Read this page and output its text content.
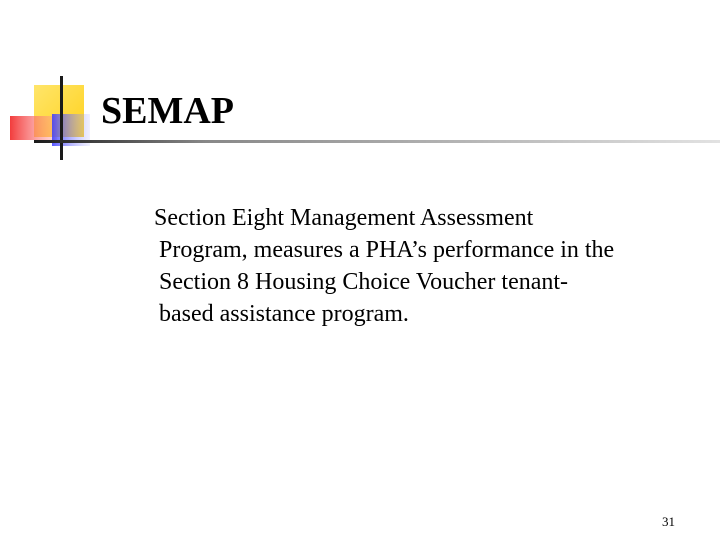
SEMAP

Section Eight Management Assessment
Program, measures a PHA’s performance in the
Section 8 Housing Choice Voucher tenant-
based assistance program.

31
